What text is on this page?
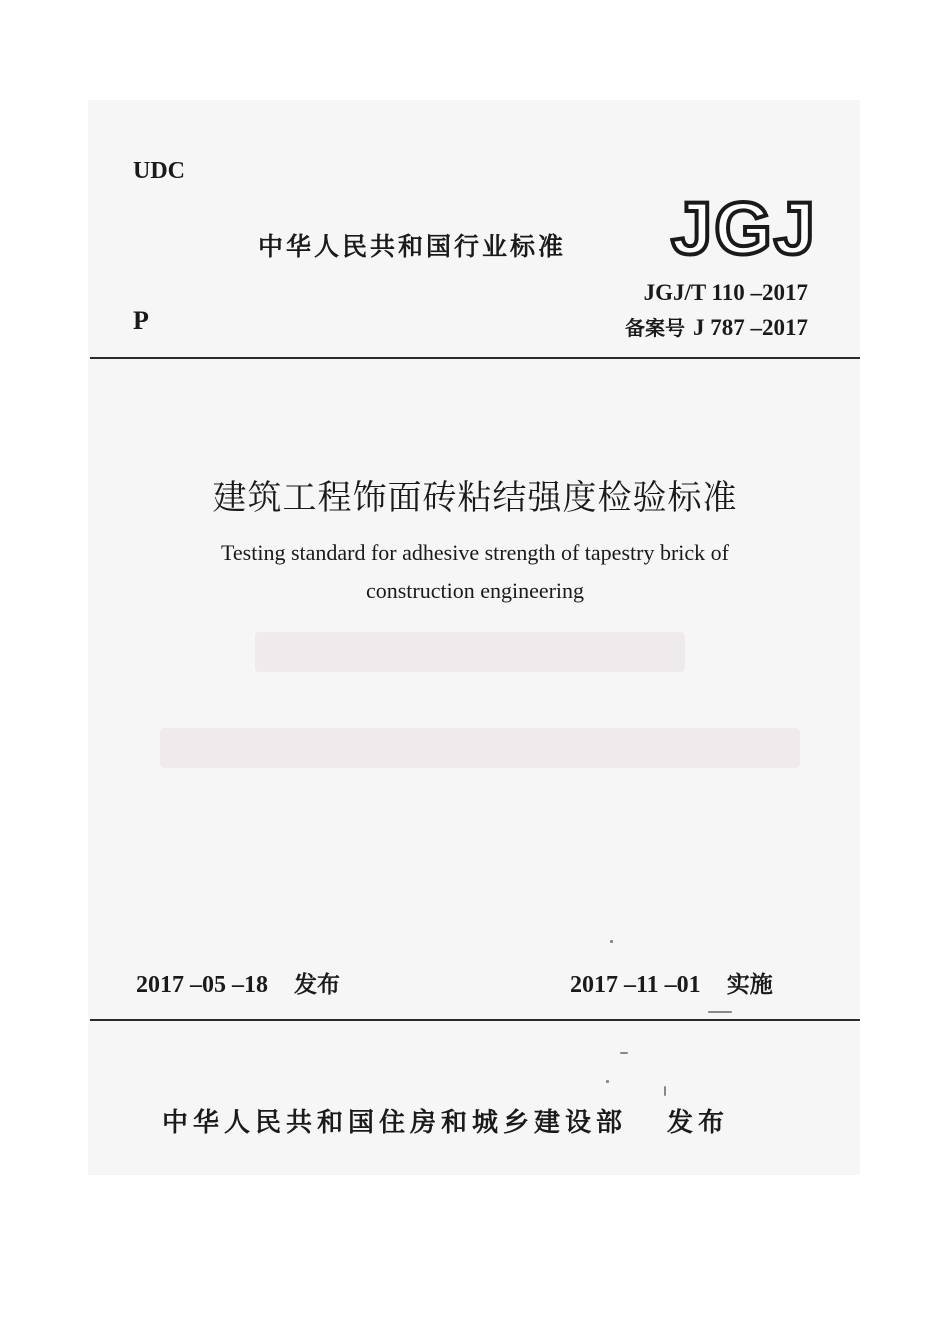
UDC
中华人民共和国行业标准 JGJ
JGJ/T 110 –2017
备案号 J 787 –2017
P
建筑工程饰面砖粘结强度检验标准
Testing standard for adhesive strength of tapestry brick of construction engineering
2017 –05 –18 发布	2017 –11 –01 实施
中华人民共和国住房和城乡建设部 发布
